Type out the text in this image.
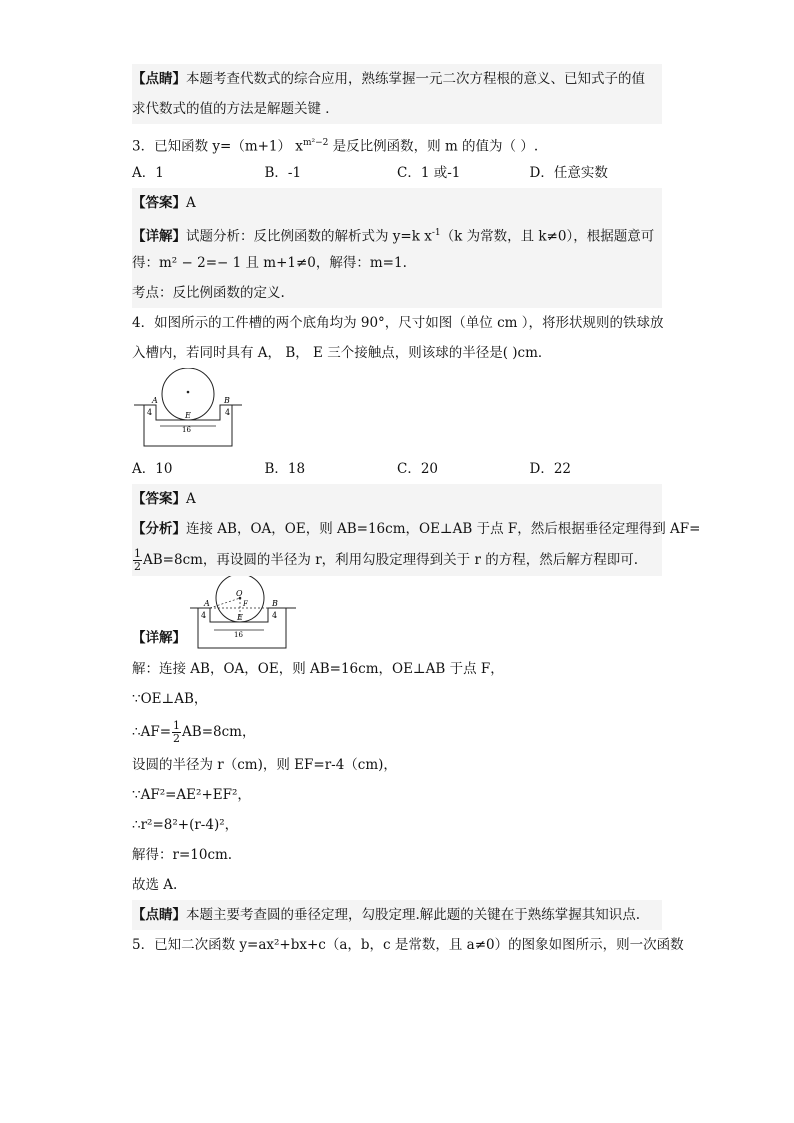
【点睛】本题考查代数式的综合应用，熟练掌握一元二次方程根的意义、已知式子的值
求代数式的值的方法是解题关键 ．
3．已知函数 y=（m+1） $x^{m^2-2}$ 是反比例函数，则 m 的值为（ ）.
A．1	B．-1	C．1 或-1	D．任意实数
【答案】A
【详解】试题分析：反比例函数的解析式为 y=k $x^{-1}(k$ 为常数，且 k≠0），根据题意可
得：m² − 2=− 1 且 m+1≠0，解得：m=1.
考点：反比例函数的定义.
4．如图所示的工件槽的两个底角均为 90°，尺寸如图（单位 cm ），将形状规则的铁球放
入槽内，若同时具有 A， B， E 三个接触点，则该球的半径是( )cm．
A	B
E
4	4
16
A．10	B．18	C．20	D．22
【答案】A
【分析】连接 AB，OA，OE，则 AB=16cm，OE⊥AB 于点 F，然后根据垂径定理得到 AF=
$\frac{1}{2} AB=8cm$，再设圆的半径为 r，利用勾股定理得到关于 r 的方程，然后解方程即可.
【详解】
A	B
O
F
E
4	4
16
解：连接 AB，OA，OE，则 AB=16cm，OE⊥AB 于点 F，
∵OE⊥AB，
∴AF= $\frac{1}{2} AB=8cm$，
设圆的半径为 r（cm)，则 EF=r-4（cm)，
∵AF²=AE²+EF²，
∴r²=8²+(r-4)²，
解得：r=10cm.
故选 A.
【点睛】本题主要考查圆的垂径定理，勾股定理.解此题的关键在于熟练掌握其知识点.
5．已知二次函数 y=ax²+bx+c（a，b，c 是常数，且 a≠0）的图象如图所示，则一次函数
